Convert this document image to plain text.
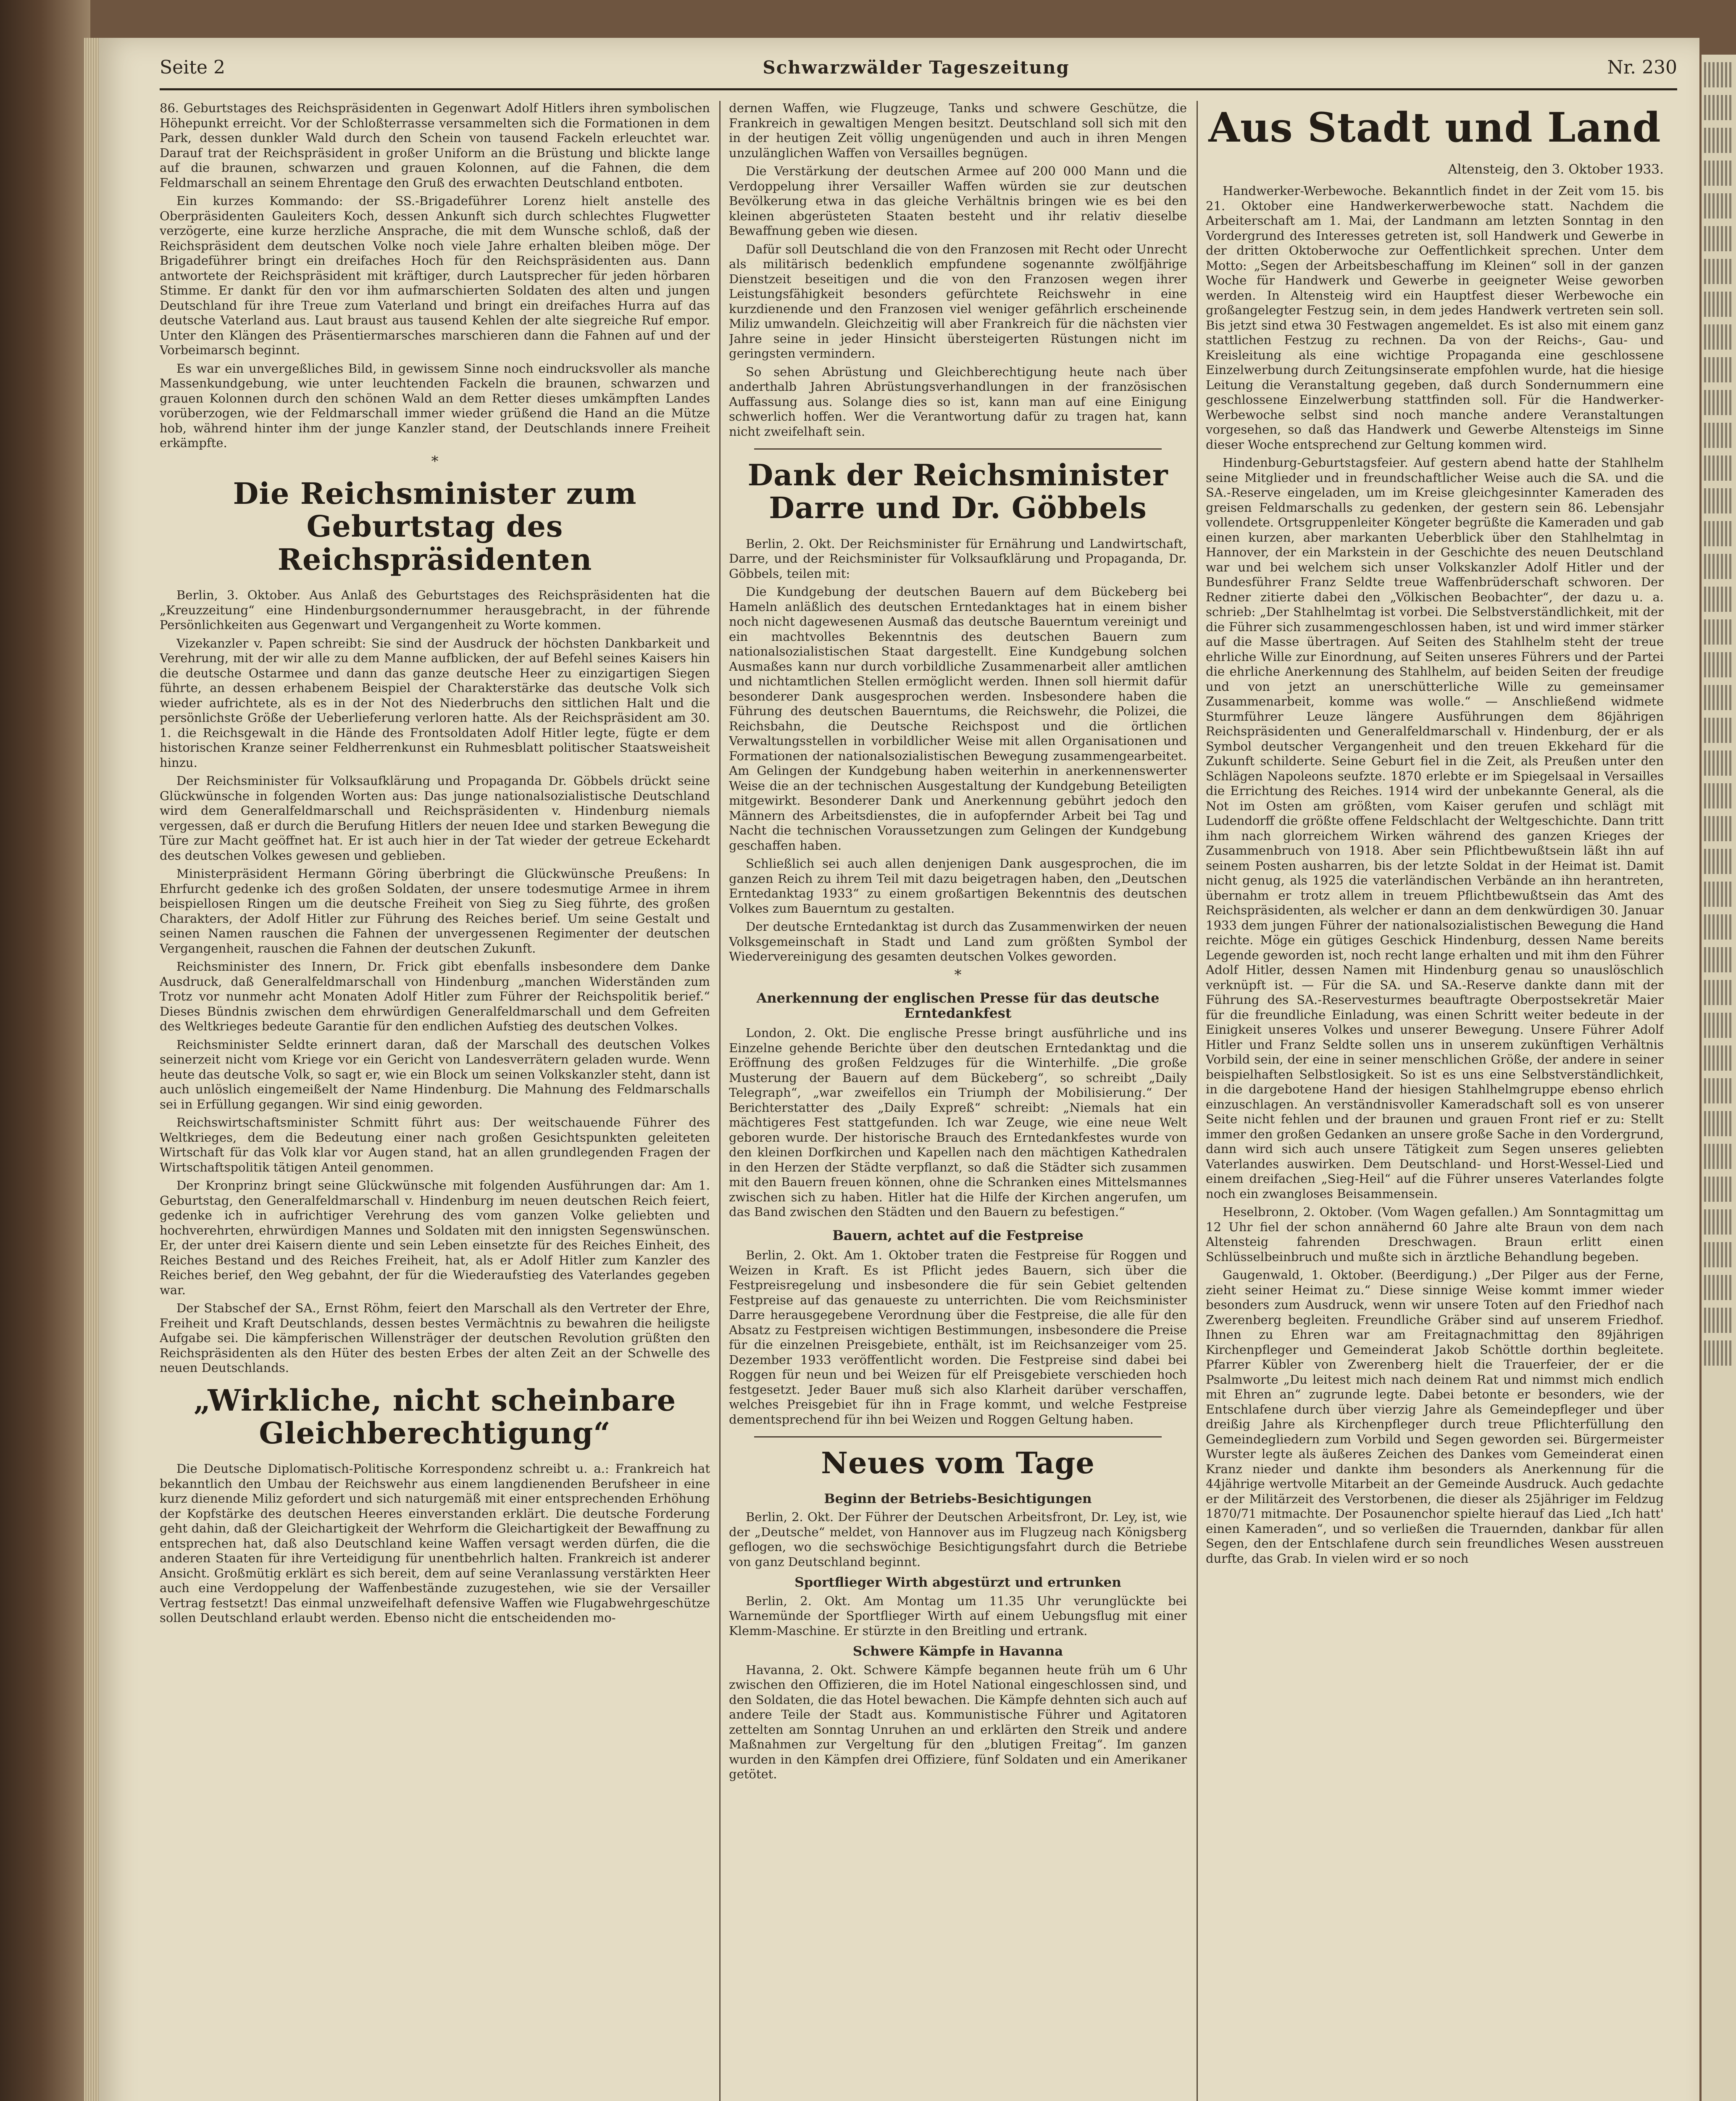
Seite 2	Schwarzwälder Tageszeitung	Nr. 230

86. Geburtstages des Reichspräsidenten in Gegenwart Adolf Hitlers ihren symbolischen Höhepunkt erreicht. Vor der Schloßterrasse versammelten sich die Formationen in dem Park, dessen dunkler Wald durch den Schein von tausend Fackeln erleuchtet war. Darauf trat der Reichspräsident in großer Uniform an die Brüstung und blickte lange auf die braunen, schwarzen und grauen Kolonnen, auf die Fahnen, die dem Feldmarschall an seinem Ehrentage den Gruß des erwachten Deutschland entboten.

Ein kurzes Kommando: der SS.-Brigadeführer Lorenz hielt anstelle des Oberpräsidenten Gauleiters Koch, dessen Ankunft sich durch schlechtes Flugwetter verzögerte, eine kurze herzliche Ansprache, die mit dem Wunsche schloß, daß der Reichspräsident dem deutschen Volke noch viele Jahre erhalten bleiben möge. Der Brigadeführer bringt ein dreifaches Hoch für den Reichspräsidenten aus. Dann antwortete der Reichspräsident mit kräftiger, durch Lautsprecher für jeden hörbaren Stimme. Er dankt für den vor ihm aufmarschierten Soldaten des alten und jungen Deutschland für ihre Treue zum Vaterland und bringt ein dreifaches Hurra auf das deutsche Vaterland aus. Laut braust aus tausend Kehlen der alte siegreiche Ruf empor. Unter den Klängen des Präsentiermarsches marschieren dann die Fahnen auf und der Vorbeimarsch beginnt.

Es war ein unvergeßliches Bild, in gewissem Sinne noch eindrucksvoller als manche Massenkundgebung, wie unter leuchtenden Fackeln die braunen, schwarzen und grauen Kolonnen durch den schönen Wald an dem Retter dieses umkämpften Landes vorüberzogen, wie der Feldmarschall immer wieder grüßend die Hand an die Mütze hob, während hinter ihm der junge Kanzler stand, der Deutschlands innere Freiheit erkämpfte.

*
Die Reichsminister zum Geburtstag des Reichspräsidenten

Berlin, 3. Oktober. Aus Anlaß des Geburtstages des Reichspräsidenten hat die „Kreuzzeitung“ eine Hindenburgsondernummer herausgebracht, in der führende Persönlichkeiten aus Gegenwart und Vergangenheit zu Worte kommen.

Vizekanzler v. Papen schreibt: Sie sind der Ausdruck der höchsten Dankbarkeit und Verehrung, mit der wir alle zu dem Manne aufblicken, der auf Befehl seines Kaisers hin die deutsche Ostarmee und dann das ganze deutsche Heer zu einzigartigen Siegen führte, an dessen erhabenem Beispiel der Charakterstärke das deutsche Volk sich wieder aufrichtete, als es in der Not des Niederbruchs den sittlichen Halt und die persönlichste Größe der Ueberlieferung verloren hatte. Als der Reichspräsident am 30. 1. die Reichsgewalt in die Hände des Frontsoldaten Adolf Hitler legte, fügte er dem historischen Kranze seiner Feldherrenkunst ein Ruhmesblatt politischer Staatsweisheit hinzu.

Der Reichsminister für Volksaufklärung und Propaganda Dr. Göbbels drückt seine Glückwünsche in folgenden Worten aus: Das junge nationalsozialistische Deutschland wird dem Generalfeldmarschall und Reichspräsidenten v. Hindenburg niemals vergessen, daß er durch die Berufung Hitlers der neuen Idee und starken Bewegung die Türe zur Macht geöffnet hat. Er ist auch hier in der Tat wieder der getreue Eckehardt des deutschen Volkes gewesen und geblieben.

Ministerpräsident Hermann Göring überbringt die Glückwünsche Preußens: In Ehrfurcht gedenke ich des großen Soldaten, der unsere todesmutige Armee in ihrem beispiellosen Ringen um die deutsche Freiheit von Sieg zu Sieg führte, des großen Charakters, der Adolf Hitler zur Führung des Reiches berief. Um seine Gestalt und seinen Namen rauschen die Fahnen der unvergessenen Regimenter der deutschen Vergangenheit, rauschen die Fahnen der deutschen Zukunft.

Reichsminister des Innern, Dr. Frick gibt ebenfalls insbesondere dem Danke Ausdruck, daß Generalfeldmarschall von Hindenburg „manchen Widerständen zum Trotz vor nunmehr acht Monaten Adolf Hitler zum Führer der Reichspolitik berief.“ Dieses Bündnis zwischen dem ehrwürdigen Generalfeldmarschall und dem Gefreiten des Weltkrieges bedeute Garantie für den endlichen Aufstieg des deutschen Volkes.

Reichsminister Seldte erinnert daran, daß der Marschall des deutschen Volkes seinerzeit nicht vom Kriege vor ein Gericht von Landesverrätern geladen wurde. Wenn heute das deutsche Volk, so sagt er, wie ein Block um seinen Volkskanzler steht, dann ist auch unlöslich eingemeißelt der Name Hindenburg. Die Mahnung des Feldmarschalls sei in Erfüllung gegangen. Wir sind einig geworden.

Reichswirtschaftsminister Schmitt führt aus: Der weitschauende Führer des Weltkrieges, dem die Bedeutung einer nach großen Gesichtspunkten geleiteten Wirtschaft für das Volk klar vor Augen stand, hat an allen grundlegenden Fragen der Wirtschaftspolitik tätigen Anteil genommen.

Der Kronprinz bringt seine Glückwünsche mit folgenden Ausführungen dar: Am 1. Geburtstag, den Generalfeldmarschall v. Hindenburg im neuen deutschen Reich feiert, gedenke ich in aufrichtiger Verehrung des vom ganzen Volke geliebten und hochverehrten, ehrwürdigen Mannes und Soldaten mit den innigsten Segenswünschen. Er, der unter drei Kaisern diente und sein Leben einsetzte für des Reiches Einheit, des Reiches Bestand und des Reiches Freiheit, hat, als er Adolf Hitler zum Kanzler des Reiches berief, den Weg gebahnt, der für die Wiederaufstieg des Vaterlandes gegeben war.

Der Stabschef der SA., Ernst Röhm, feiert den Marschall als den Vertreter der Ehre, Freiheit und Kraft Deutschlands, dessen bestes Vermächtnis zu bewahren die heiligste Aufgabe sei. Die kämpferischen Willensträger der deutschen Revolution grüßten den Reichspräsidenten als den Hüter des besten Erbes der alten Zeit an der Schwelle des neuen Deutschlands.

„Wirkliche, nicht scheinbare Gleichberechtigung“

Die Deutsche Diplomatisch-Politische Korrespondenz schreibt u. a.: Frankreich hat bekanntlich den Umbau der Reichswehr aus einem langdienenden Berufsheer in eine kurz dienende Miliz gefordert und sich naturgemäß mit einer entsprechenden Erhöhung der Kopfstärke des deutschen Heeres einverstanden erklärt. Die deutsche Forderung geht dahin, daß der Gleichartigkeit der Wehrform die Gleichartigkeit der Bewaffnung zu entsprechen hat, daß also Deutschland keine Waffen versagt werden dürfen, die die anderen Staaten für ihre Verteidigung für unentbehrlich halten. Frankreich ist anderer Ansicht. Großmütig erklärt es sich bereit, dem auf seine Veranlassung verstärkten Heer auch eine Verdoppelung der Waffenbestände zuzugestehen, wie sie der Versailler Vertrag festsetzt! Das einmal unzweifelhaft defensive Waffen wie Flugabwehrgeschütze sollen Deutschland erlaubt werden. Ebenso nicht die entscheidenden mo-

dernen Waffen, wie Flugzeuge, Tanks und schwere Geschütze, die Frankreich in gewaltigen Mengen besitzt. Deutschland soll sich mit den in der heutigen Zeit völlig ungenügenden und auch in ihren Mengen unzulänglichen Waffen von Versailles begnügen.

Die Verstärkung der deutschen Armee auf 200 000 Mann und die Verdoppelung ihrer Versailler Waffen würden sie zur deutschen Bevölkerung etwa in das gleiche Verhältnis bringen wie es bei den kleinen abgerüsteten Staaten besteht und ihr relativ dieselbe Bewaffnung geben wie diesen.

Dafür soll Deutschland die von den Franzosen mit Recht oder Unrecht als militärisch bedenklich empfundene sogenannte zwölfjährige Dienstzeit beseitigen und die von den Franzosen wegen ihrer Leistungsfähigkeit besonders gefürchtete Reichswehr in eine kurzdienende und den Franzosen viel weniger gefährlich erscheinende Miliz umwandeln. Gleichzeitig will aber Frankreich für die nächsten vier Jahre seine in jeder Hinsicht übersteigerten Rüstungen nicht im geringsten vermindern.

So sehen Abrüstung und Gleichberechtigung heute nach über anderthalb Jahren Abrüstungsverhandlungen in der französischen Auffassung aus. Solange dies so ist, kann man auf eine Einigung schwerlich hoffen. Wer die Verantwortung dafür zu tragen hat, kann nicht zweifelhaft sein.

Dank der Reichsminister Darre und Dr. Göbbels

Berlin, 2. Okt. Der Reichsminister für Ernährung und Landwirtschaft, Darre, und der Reichsminister für Volksaufklärung und Propaganda, Dr. Göbbels, teilen mit:

Die Kundgebung der deutschen Bauern auf dem Bückeberg bei Hameln anläßlich des deutschen Erntedanktages hat in einem bisher noch nicht dagewesenen Ausmaß das deutsche Bauerntum vereinigt und ein machtvolles Bekenntnis des deutschen Bauern zum nationalsozialistischen Staat dargestellt. Eine Kundgebung solchen Ausmaßes kann nur durch vorbildliche Zusammenarbeit aller amtlichen und nichtamtlichen Stellen ermöglicht werden. Ihnen soll hiermit dafür besonderer Dank ausgesprochen werden. Insbesondere haben die Führung des deutschen Bauerntums, die Reichswehr, die Polizei, die Reichsbahn, die Deutsche Reichspost und die örtlichen Verwaltungsstellen in vorbildlicher Weise mit allen Organisationen und Formationen der nationalsozialistischen Bewegung zusammengearbeitet. Am Gelingen der Kundgebung haben weiterhin in anerkennenswerter Weise die an der technischen Ausgestaltung der Kundgebung Beteiligten mitgewirkt. Besonderer Dank und Anerkennung gebührt jedoch den Männern des Arbeitsdienstes, die in aufopfernder Arbeit bei Tag und Nacht die technischen Voraussetzungen zum Gelingen der Kundgebung geschaffen haben.

Schließlich sei auch allen denjenigen Dank ausgesprochen, die im ganzen Reich zu ihrem Teil mit dazu beigetragen haben, den „Deutschen Erntedanktag 1933“ zu einem großartigen Bekenntnis des deutschen Volkes zum Bauerntum zu gestalten.

Der deutsche Erntedanktag ist durch das Zusammenwirken der neuen Volksgemeinschaft in Stadt und Land zum größten Symbol der Wiedervereinigung des gesamten deutschen Volkes geworden.

*
Anerkennung der englischen Presse für das deutsche Erntedankfest

London, 2. Okt. Die englische Presse bringt ausführliche und ins Einzelne gehende Berichte über den deutschen Erntedanktag und die Eröffnung des großen Feldzuges für die Winterhilfe. „Die große Musterung der Bauern auf dem Bückeberg“, so schreibt „Daily Telegraph“, „war zweifellos ein Triumph der Mobilisierung.“ Der Berichterstatter des „Daily Expreß“ schreibt: „Niemals hat ein mächtigeres Fest stattgefunden. Ich war Zeuge, wie eine neue Welt geboren wurde. Der historische Brauch des Erntedankfestes wurde von den kleinen Dorfkirchen und Kapellen nach den mächtigen Kathedralen in den Herzen der Städte verpflanzt, so daß die Städter sich zusammen mit den Bauern freuen können, ohne die Schranken eines Mittelsmannes zwischen sich zu haben. Hitler hat die Hilfe der Kirchen angerufen, um das Band zwischen den Städten und den Bauern zu befestigen.“

Bauern, achtet auf die Festpreise

Berlin, 2. Okt. Am 1. Oktober traten die Festpreise für Roggen und Weizen in Kraft. Es ist Pflicht jedes Bauern, sich über die Festpreisregelung und insbesondere die für sein Gebiet geltenden Festpreise auf das genaueste zu unterrichten. Die vom Reichsminister Darre herausgegebene Verordnung über die Festpreise, die alle für den Absatz zu Festpreisen wichtigen Bestimmungen, insbesondere die Preise für die einzelnen Preisgebiete, enthält, ist im Reichsanzeiger vom 25. Dezember 1933 veröffentlicht worden. Die Festpreise sind dabei bei Roggen für neun und bei Weizen für elf Preisgebiete verschieden hoch festgesetzt. Jeder Bauer muß sich also Klarheit darüber verschaffen, welches Preisgebiet für ihn in Frage kommt, und welche Festpreise dementsprechend für ihn bei Weizen und Roggen Geltung haben.

Neues vom Tage
Beginn der Betriebs-Besichtigungen

Berlin, 2. Okt. Der Führer der Deutschen Arbeitsfront, Dr. Ley, ist, wie der „Deutsche“ meldet, von Hannover aus im Flugzeug nach Königsberg geflogen, wo die sechswöchige Besichtigungsfahrt durch die Betriebe von ganz Deutschland beginnt.

Sportflieger Wirth abgestürzt und ertrunken

Berlin, 2. Okt. Am Montag um 11.35 Uhr verunglückte bei Warnemünde der Sportflieger Wirth auf einem Uebungsflug mit einer Klemm-Maschine. Er stürzte in den Breitling und ertrank.

Schwere Kämpfe in Havanna

Havanna, 2. Okt. Schwere Kämpfe begannen heute früh um 6 Uhr zwischen den Offizieren, die im Hotel National eingeschlossen sind, und den Soldaten, die das Hotel bewachen. Die Kämpfe dehnten sich auch auf andere Teile der Stadt aus. Kommunistische Führer und Agitatoren zettelten am Sonntag Unruhen an und erklärten den Streik und andere Maßnahmen zur Vergeltung für den „blutigen Freitag“. Im ganzen wurden in den Kämpfen drei Offiziere, fünf Soldaten und ein Amerikaner getötet.

Aus Stadt und Land
Altensteig, den 3. Oktober 1933.

Handwerker-Werbewoche. Bekanntlich findet in der Zeit vom 15. bis 21. Oktober eine Handwerkerwerbewoche statt. Nachdem die Arbeiterschaft am 1. Mai, der Landmann am letzten Sonntag in den Vordergrund des Interesses getreten ist, soll Handwerk und Gewerbe in der dritten Oktoberwoche zur Oeffentlichkeit sprechen. Unter dem Motto: „Segen der Arbeitsbeschaffung im Kleinen“ soll in der ganzen Woche für Handwerk und Gewerbe in geeigneter Weise geworben werden. In Altensteig wird ein Hauptfest dieser Werbewoche ein großangelegter Festzug sein, in dem jedes Handwerk vertreten sein soll. Bis jetzt sind etwa 30 Festwagen angemeldet. Es ist also mit einem ganz stattlichen Festzug zu rechnen. Da von der Reichs-, Gau- und Kreisleitung als eine wichtige Propaganda eine geschlossene Einzelwerbung durch Zeitungsinserate empfohlen wurde, hat die hiesige Leitung die Veranstaltung gegeben, daß durch Sondernummern eine geschlossene Einzelwerbung stattfinden soll. Für die Handwerker-Werbewoche selbst sind noch manche andere Veranstaltungen vorgesehen, so daß das Handwerk und Gewerbe Altensteigs im Sinne dieser Woche entsprechend zur Geltung kommen wird.

Hindenburg-Geburtstagsfeier. Auf gestern abend hatte der Stahlhelm seine Mitglieder und in freundschaftlicher Weise auch die SA. und die SA.-Reserve eingeladen, um im Kreise gleichgesinnter Kameraden des greisen Feldmarschalls zu gedenken, der gestern sein 86. Lebensjahr vollendete. Ortsgruppenleiter Köngeter begrüßte die Kameraden und gab einen kurzen, aber markanten Ueberblick über den Stahlhelmtag in Hannover, der ein Markstein in der Geschichte des neuen Deutschland war und bei welchem sich unser Volkskanzler Adolf Hitler und der Bundesführer Franz Seldte treue Waffenbrüderschaft schworen. Der Redner zitierte dabei den „Völkischen Beobachter“, der dazu u. a. schrieb: „Der Stahlhelmtag ist vorbei. Die Selbstverständlichkeit, mit der die Führer sich zusammengeschlossen haben, ist und wird immer stärker auf die Masse übertragen. Auf Seiten des Stahlhelm steht der treue ehrliche Wille zur Einordnung, auf Seiten unseres Führers und der Partei die ehrliche Anerkennung des Stahlhelm, auf beiden Seiten der freudige und von jetzt an unerschütterliche Wille zu gemeinsamer Zusammenarbeit, komme was wolle.“ — Anschließend widmete Sturmführer Leuze längere Ausführungen dem 86jährigen Reichspräsidenten und Generalfeldmarschall v. Hindenburg, der er als Symbol deutscher Vergangenheit und den treuen Ekkehard für die Zukunft schilderte. Seine Geburt fiel in die Zeit, als Preußen unter den Schlägen Napoleons seufzte. 1870 erlebte er im Spiegelsaal in Versailles die Errichtung des Reiches. 1914 wird der unbekannte General, als die Not im Osten am größten, vom Kaiser gerufen und schlägt mit Ludendorff die größte offene Feldschlacht der Weltgeschichte. Dann tritt ihm nach glorreichem Wirken während des ganzen Krieges der Zusammenbruch von 1918. Aber sein Pflichtbewußtsein läßt ihn auf seinem Posten ausharren, bis der letzte Soldat in der Heimat ist. Damit nicht genug, als 1925 die vaterländischen Verbände an ihn herantreten, übernahm er trotz allem in treuem Pflichtbewußtsein das Amt des Reichspräsidenten, als welcher er dann an dem denkwürdigen 30. Januar 1933 dem jungen Führer der nationalsozialistischen Bewegung die Hand reichte. Möge ein gütiges Geschick Hindenburg, dessen Name bereits Legende geworden ist, noch recht lange erhalten und mit ihm den Führer Adolf Hitler, dessen Namen mit Hindenburg genau so unauslöschlich verknüpft ist. — Für die SA. und SA.-Reserve dankte dann mit der Führung des SA.-Reservesturmes beauftragte Oberpostsekretär Maier für die freundliche Einladung, was einen Schritt weiter bedeute in der Einigkeit unseres Volkes und unserer Bewegung. Unsere Führer Adolf Hitler und Franz Seldte sollen uns in unserem zukünftigen Verhältnis Vorbild sein, der eine in seiner menschlichen Größe, der andere in seiner beispielhaften Selbstlosigkeit. So ist es uns eine Selbstverständlichkeit, in die dargebotene Hand der hiesigen Stahlhelmgruppe ebenso ehrlich einzuschlagen. An verständnisvoller Kameradschaft soll es von unserer Seite nicht fehlen und der braunen und grauen Front rief er zu: Stellt immer den großen Gedanken an unsere große Sache in den Vordergrund, dann wird sich auch unsere Tätigkeit zum Segen unseres geliebten Vaterlandes auswirken. Dem Deutschland- und Horst-Wessel-Lied und einem dreifachen „Sieg-Heil“ auf die Führer unseres Vaterlandes folgte noch ein zwangloses Beisammensein.

Heselbronn, 2. Oktober. (Vom Wagen gefallen.) Am Sonntagmittag um 12 Uhr fiel der schon annähernd 60 Jahre alte Braun von dem nach Altensteig fahrenden Dreschwagen. Braun erlitt einen Schlüsselbeinbruch und mußte sich in ärztliche Behandlung begeben.

Gaugenwald, 1. Oktober. (Beerdigung.) „Der Pilger aus der Ferne, zieht seiner Heimat zu.“ Diese sinnige Weise kommt immer wieder besonders zum Ausdruck, wenn wir unsere Toten auf den Friedhof nach Zwerenberg begleiten. Freundliche Gräber sind auf unserem Friedhof. Ihnen zu Ehren war am Freitagnachmittag den 89jährigen Kirchenpfleger und Gemeinderat Jakob Schöttle dorthin begleitete. Pfarrer Kübler von Zwerenberg hielt die Trauerfeier, der er die Psalmworte „Du leitest mich nach deinem Rat und nimmst mich endlich mit Ehren an“ zugrunde legte. Dabei betonte er besonders, wie der Entschlafene durch über vierzig Jahre als Gemeindepfleger und über dreißig Jahre als Kirchenpfleger durch treue Pflichterfüllung den Gemeindegliedern zum Vorbild und Segen geworden sei. Bürgermeister Wurster legte als äußeres Zeichen des Dankes vom Gemeinderat einen Kranz nieder und dankte ihm besonders als Anerkennung für die 44jährige wertvolle Mitarbeit an der Gemeinde Ausdruck. Auch gedachte er der Militärzeit des Verstorbenen, die dieser als 25jähriger im Feldzug 1870/71 mitmachte. Der Posaunenchor spielte hierauf das Lied „Ich hatt' einen Kameraden“, und so verließen die Trauernden, dankbar für allen Segen, den der Entschlafene durch sein freundliches Wesen ausstreuen durfte, das Grab. In vielen wird er so noch
